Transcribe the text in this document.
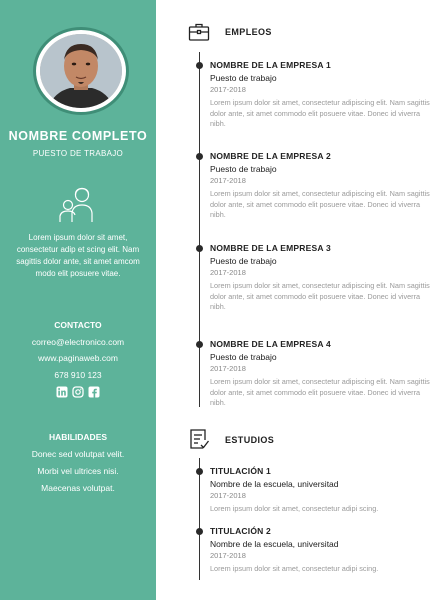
NOMBRE COMPLETO
PUESTO DE TRABAJO
Lorem ipsum dolor sit amet, consectetur adip et scing elit. Nam sagittis dolor ante, sit amet amcom modo elit posuere vitae.
CONTACTO
correo@electronico.com
www.paginaweb.com
678 910 123
HABILIDADES
Donec sed volutpat velit.
Morbi vel ultrices nisi.
Maecenas volutpat.
EMPLEOS
NOMBRE DE LA EMPRESA 1
Puesto de trabajo
2017-2018
Lorem ipsum dolor sit amet, consectetur adipiscing elit. Nam sagittis dolor ante, sit amet commodo elit posuere vitae. Donec id viverra nibh.
NOMBRE DE LA EMPRESA 2
Puesto de trabajo
2017-2018
Lorem ipsum dolor sit amet, consectetur adipiscing elit. Nam sagittis dolor ante, sit amet commodo elit posuere vitae. Donec id viverra nibh.
NOMBRE DE LA EMPRESA 3
Puesto de trabajo
2017-2018
Lorem ipsum dolor sit amet, consectetur adipiscing elit. Nam sagittis dolor ante, sit amet commodo elit posuere vitae. Donec id viverra nibh.
NOMBRE DE LA EMPRESA 4
Puesto de trabajo
2017-2018
Lorem ipsum dolor sit amet, consectetur adipiscing elit. Nam sagittis dolor ante, sit amet commodo elit posuere vitae. Donec id viverra nibh.
ESTUDIOS
TITULACIÓN 1
Nombre de la escuela, universitad
2017-2018
Lorem ipsum dolor sit amet, consectetur adipi scing.
TITULACIÓN 2
Nombre de la escuela, universitad
2017-2018
Lorem ipsum dolor sit amet, consectetur adipi scing.
